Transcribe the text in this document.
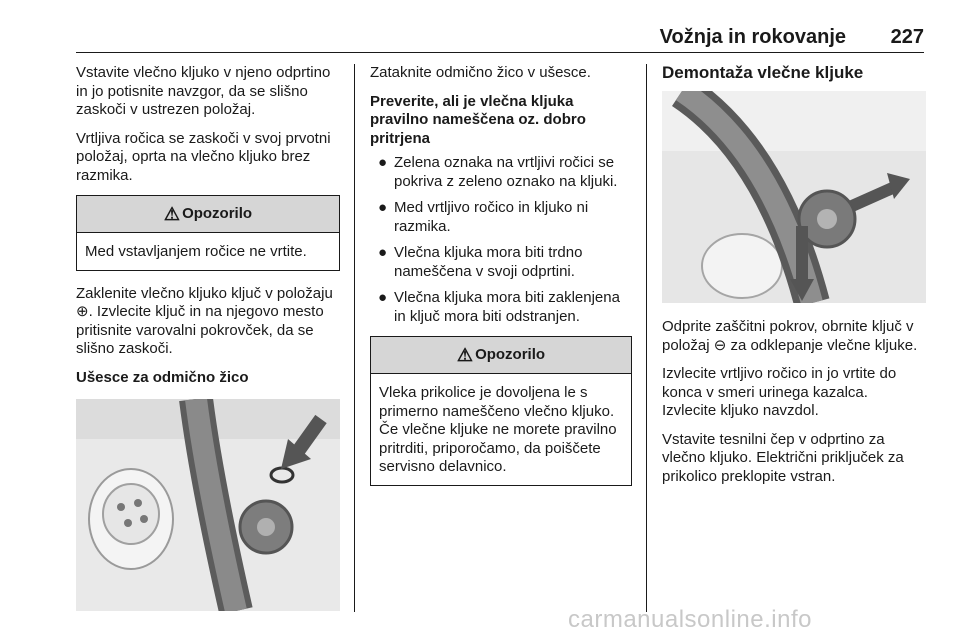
Vožnja in rokovanje 227

Vstavite vlečno kljuko v njeno odprtino in jo potisnite navzgor, da se slišno zaskoči v ustrezen položaj.

Vrtljiva ročica se zaskoči v svoj prvotni položaj, oprta na vlečno kljuko brez razmika.

⚠ Opozorilo
Med vstavljanjem ročice ne vrtite.

Zaklenite vlečno kljuko ključ v položaju ⊕. Izvlecite ključ in na njegovo mesto pritisnite varovalni pokrovček, da se slišno zaskoči.

Ušesce za odmično žico

Zataknite odmično žico v ušesce.

Preverite, ali je vlečna kljuka pravilno nameščena oz. dobro pritrjena

● Zelena oznaka na vrtljivi ročici se pokriva z zeleno oznako na kljuki.
● Med vrtljivo ročico in kljuko ni razmika.
● Vlečna kljuka mora biti trdno nameščena v svoji odprtini.
● Vlečna kljuka mora biti zaklenjena in ključ mora biti odstranjen.
⚠ Opozorilo
Vleka prikolice je dovoljena le s primerno nameščeno vlečno kljuko. Če vlečne kljuke ne morete pravilno pritrditi, priporočamo, da poiščete servisno delavnico.

Demontaža vlečne kljuke

Odprite zaščitni pokrov, obrnite ključ v položaj ⊖ za odklepanje vlečne kljuke.

Izvlecite vrtljivo ročico in jo vrtite do konca v smeri urinega kazalca. Izvlecite kljuko navzdol.

Vstavite tesnilni čep v odprtino za vlečno kljuko. Električni priključek za prikolico preklopite vstran.

carmanualsonline.info
